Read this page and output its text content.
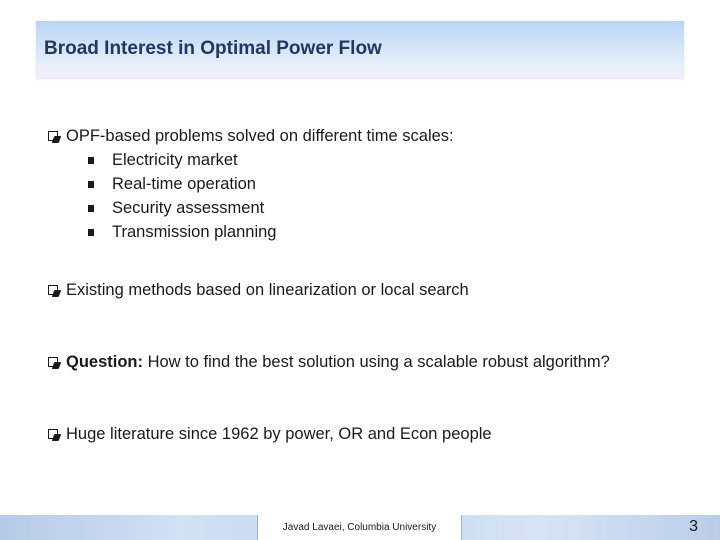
Broad Interest in Optimal Power Flow
OPF-based problems solved on different time scales:
Electricity market
Real-time operation
Security assessment
Transmission planning
Existing methods based on linearization or local search
Question: How to find the best solution using a scalable robust algorithm?
Huge literature since 1962 by power, OR and Econ people
Javad Lavaei, Columbia University	3
